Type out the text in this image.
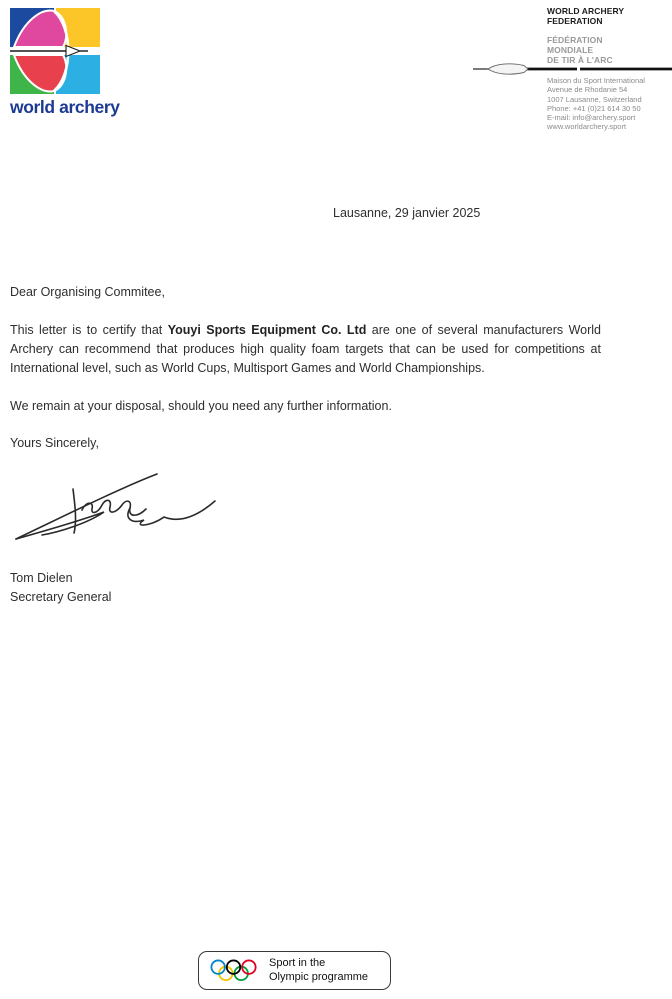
world archery
WORLD ARCHERY
FEDERATION
FÉDÉRATION
MONDIALE
DE TIR À L'ARC
Maison du Sport International
Avenue de Rhodanie 54
1007 Lausanne, Switzerland
Phone: +41 (0)21 614 30 50
E-mail: info@archery.sport
www.worldarchery.sport
Lausanne, 29 janvier 2025
Dear Organising Commitee,

This letter is to certify that Youyi Sports Equipment Co. Ltd are one of several manufacturers World Archery can recommend that produces high quality foam targets that can be used for competitions at International level, such as World Cups, Multisport Games and World Championships.

We remain at your disposal, should you need any further information.

Yours Sincerely,
Tom Dielen
Secretary General
Sport in the
Olympic programme
